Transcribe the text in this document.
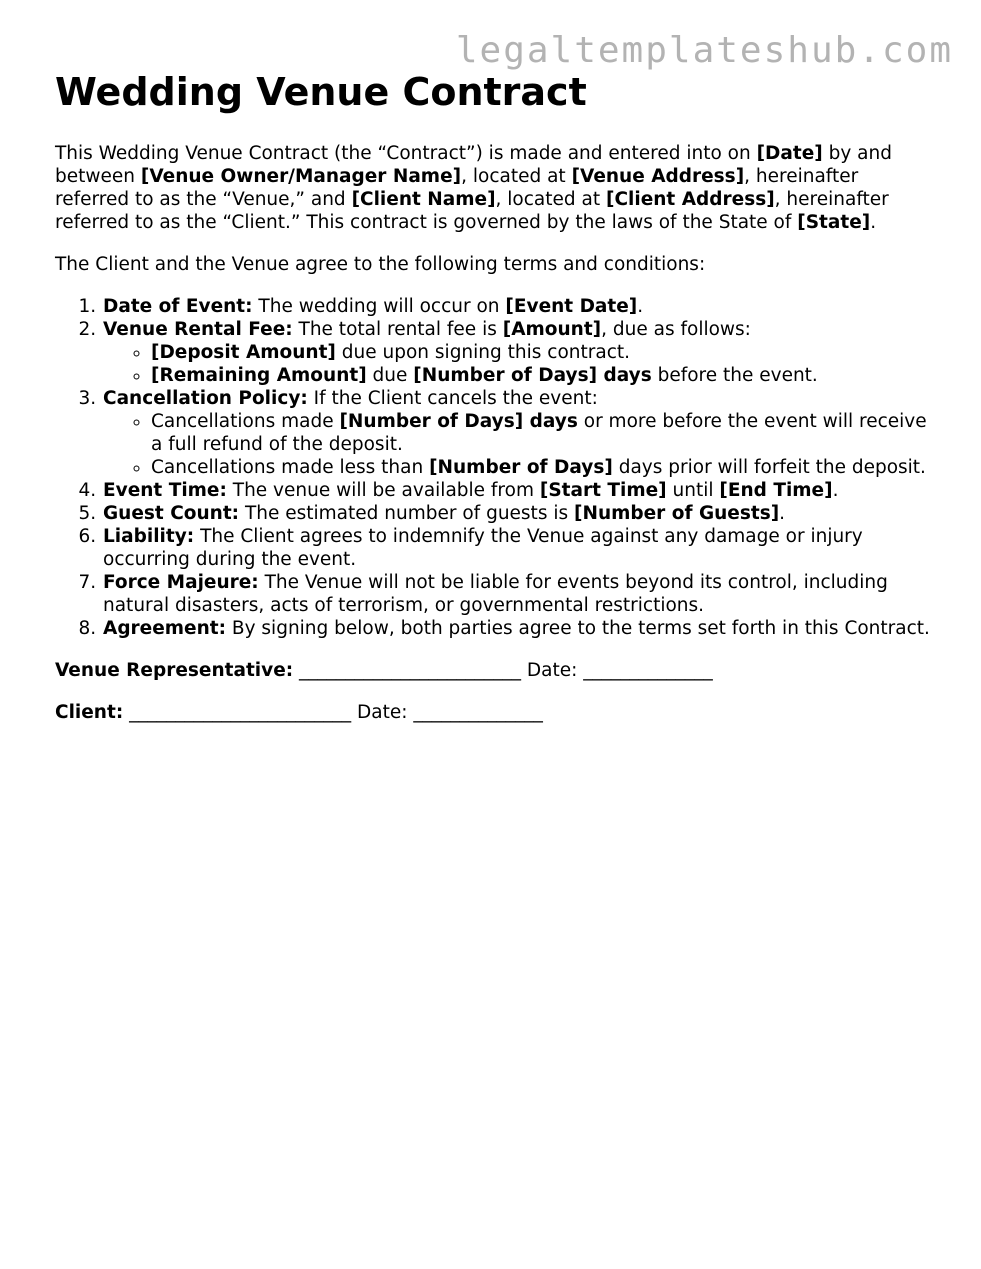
legaltemplateshub.com
Wedding Venue Contract

This Wedding Venue Contract (the “Contract”) is made and entered into on [Date] by and between [Venue Owner/Manager Name], located at [Venue Address], hereinafter referred to as the “Venue,” and [Client Name], located at [Client Address], hereinafter referred to as the “Client.” This contract is governed by the laws of the State of [State].

The Client and the Venue agree to the following terms and conditions:

1. Date of Event: The wedding will occur on [Event Date].
2. Venue Rental Fee: The total rental fee is [Amount], due as follows:
◦ [Deposit Amount] due upon signing this contract.
◦ [Remaining Amount] due [Number of Days] days before the event.
3. Cancellation Policy: If the Client cancels the event:
◦ Cancellations made [Number of Days] days or more before the event will receive a full refund of the deposit.
◦ Cancellations made less than [Number of Days] days prior will forfeit the deposit.
4. Event Time: The venue will be available from [Start Time] until [End Time].
5. Guest Count: The estimated number of guests is [Number of Guests].
6. Liability: The Client agrees to indemnify the Venue against any damage or injury occurring during the event.
7. Force Majeure: The Venue will not be liable for events beyond its control, including natural disasters, acts of terrorism, or governmental restrictions.
8. Agreement: By signing below, both parties agree to the terms set forth in this Contract.

Venue Representative: ________________________ Date: ______________

Client: ________________________ Date: ______________
